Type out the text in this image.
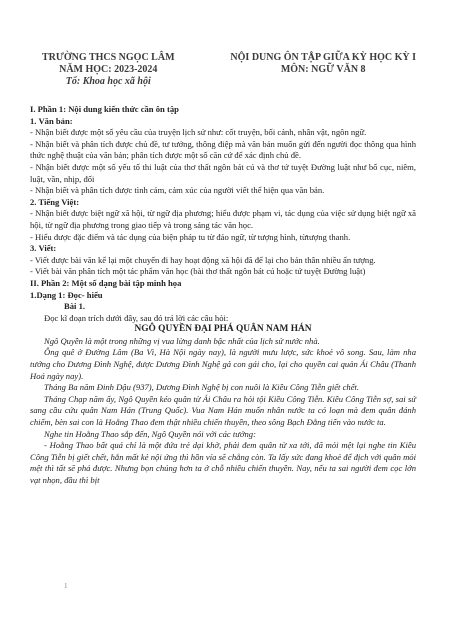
TRƯỜNG THCS NGỌC LÂM
NĂM HỌC: 2023-2024
Tổ: Khoa học xã hội
NỘI DUNG ÔN TẬP GIỮA KỲ HỌC KỲ I
MÔN: NGỮ VĂN 8

I. Phần 1: Nội dung kiến thức cần ôn tập

1. Văn bản:

- Nhận biết được một số yêu cầu của truyện lịch sử như: cốt truyện, bối cảnh, nhân vật, ngôn ngữ.

- Nhận biết và phân tích được chủ đề, tư tưởng, thông điệp mà văn bản muốn gửi đến người đọc thông qua hình thức nghệ thuật của văn bản; phân tích được một số căn cứ để xác định chủ đề.

- Nhận biết được một số yếu tố thi luật của thơ thất ngôn bát cú và thơ tứ tuyệt Đường luật như bố cục, niêm, luật, vần, nhịp, đối

- Nhận biết và phân tích được tình cảm, cảm xúc của người viết thể hiện qua văn bản.

2. Tiếng Việt:

- Nhận biết được biệt ngữ xã hội, từ ngữ địa phương; hiểu được phạm vi, tác dụng của việc sử dụng biệt ngữ xã hội, từ ngữ địa phương trong giao tiếp và trong sáng tác văn học.

- Hiểu được đặc điểm và tác dụng của biện pháp tu từ đảo ngữ, từ tượng hình, từtượng thanh.

3. Viết:

- Viết được bài văn kể lại một chuyến đi hay hoạt động xã hội đã để lại cho bản thân nhiều ấn tượng.

- Viết bài văn phân tích một tác phẩm văn học (bài thơ thất ngôn bát cú hoặc tứ tuyệt Đường luật)

II. Phần 2: Một số dạng bài tập minh họa

1.Dạng 1: Đọc- hiểu

Bài 1.

Đọc kĩ đoạn trích dưới đây, sau đó trả lời các câu hỏi:

NGÔ QUYỀN ĐẠI PHÁ QUÂN NAM HÁN

Ngô Quyền là một trong những vị vua lừng danh bậc nhất của lịch sử nước nhà.

Ông quê ở Đường Lâm (Ba Vì, Hà Nội ngày nay), là người mưu lược, sức khoẻ vô song. Sau, làm nha tướng cho Dương Đình Nghệ, được Dương Đình Nghệ gả con gái cho, lại cho quyền cai quản Ái Châu (Thanh Hoá ngày nay).

Tháng Ba năm Đinh Dậu (937), Dương Đình Nghệ bị con nuôi là Kiều Công Tiễn giết chết.

Tháng Chạp năm ấy, Ngô Quyền kéo quân từ Ái Châu ra hỏi tội Kiều Công Tiễn. Kiều Công Tiễn sợ, sai sứ sang cầu cứu quân Nam Hán (Trung Quốc). Vua Nam Hán muốn nhân nước ta có loạn mà đem quân đánh chiếm, bèn sai con là Hoằng Thao đem thật nhiều chiến thuyền, theo sông Bạch Đằng tiến vào nước ta.

Nghe tin Hoằng Thao sắp đến, Ngô Quyền nói với các tướng:

- Hoằng Thao bất quá chỉ là một đứa trẻ dại khờ, phải đem quân từ xa tới, đã mỏi mệt lại nghe tin Kiều Công Tiễn bị giết chết, hắn mất kẻ nội ứng thì hồn vía sẽ chẳng còn. Ta lấy sức đang khoẻ để địch với quân mỏi mệt thì tất sẽ phá được. Nhưng bọn chúng hơn ta ở chỗ nhiều chiến thuyền. Nay, nếu ta sai người đem cọc lớn vạt nhọn, đầu thì bịt

1
